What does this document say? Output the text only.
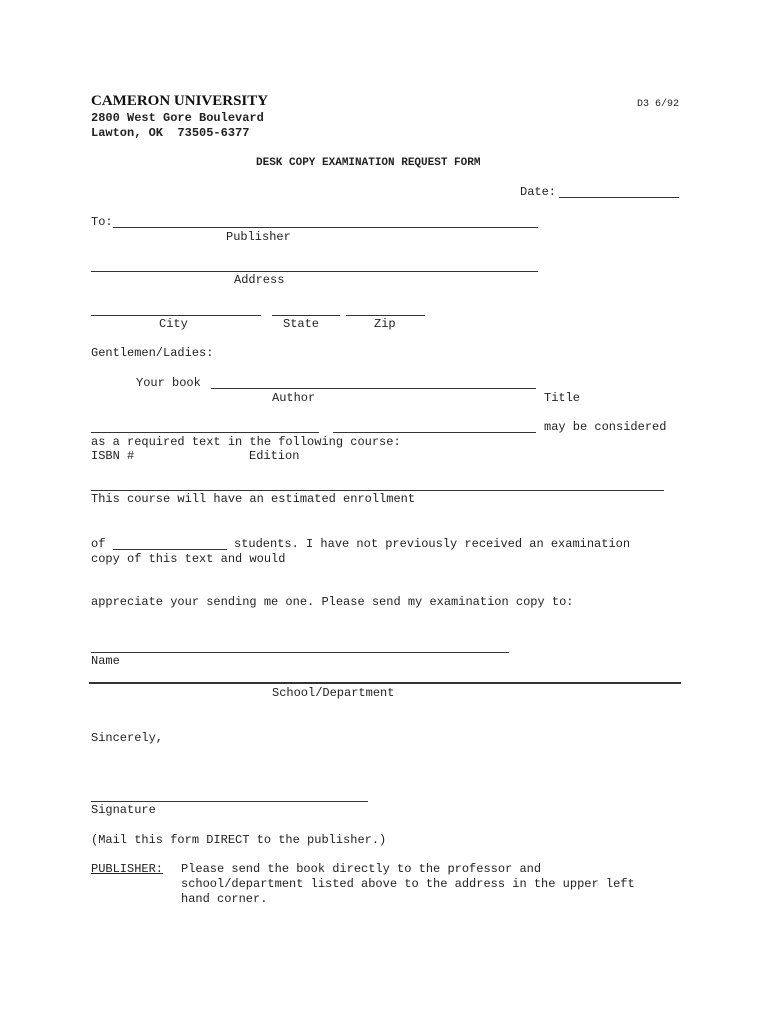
CAMERON UNIVERSITY
2800 West Gore Boulevard
Lawton, OK  73505-6377
D3 6/92
DESK COPY EXAMINATION REQUEST FORM
Date:
To:
Publisher
Address
City	State	Zip
Gentlemen/Ladies:
Your book
Author	Title
may be considered
as a required text in the following course:
ISBN #	Edition
This course will have an estimated enrollment
of	students. I have not previously received an examination
copy of this text and would
appreciate your sending me one. Please send my examination copy to:
Name
School/Department
Sincerely,
Signature
(Mail this form DIRECT to the publisher.)
PUBLISHER: Please send the book directly to the professor and
school/department listed above to the address in the upper left
hand corner.
